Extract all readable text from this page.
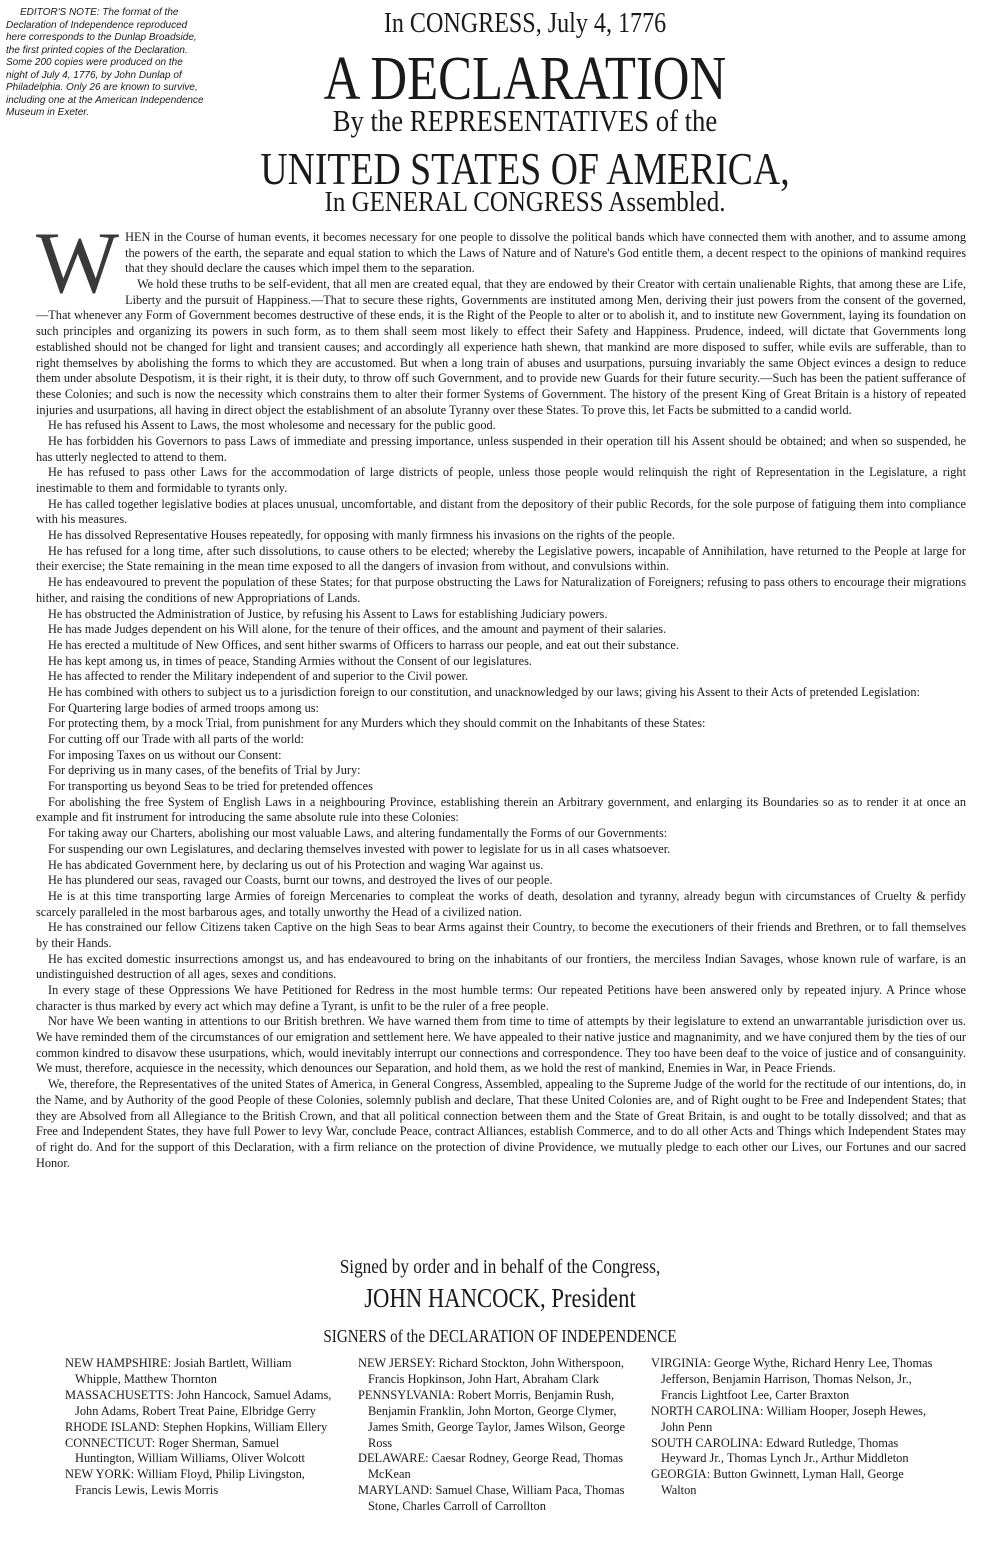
EDITOR'S NOTE: The format of the Declaration of Independence reproduced here corresponds to the Dunlap Broadside, the first printed copies of the Declaration. Some 200 copies were produced on the night of July 4, 1776, by John Dunlap of Philadelphia. Only 26 are known to survive, including one at the American Independence Museum in Exeter.

In CONGRESS, July 4, 1776
A DECLARATION
By the REPRESENTATIVES of the
UNITED STATES OF AMERICA,
In GENERAL CONGRESS Assembled.

WHEN in the Course of human events, it becomes necessary for one people to dissolve the political bands which have connected them with another, and to assume among the powers of the earth, the separate and equal station to which the Laws of Nature and of Nature's God entitle them, a decent respect to the opinions of mankind requires that they should declare the causes which impel them to the separation.

We hold these truths to be self-evident, that all men are created equal, that they are endowed by their Creator with certain unalienable Rights, that among these are Life, Liberty and the pursuit of Happiness.—That to secure these rights, Governments are instituted among Men, deriving their just powers from the consent of the governed, —That whenever any Form of Government becomes destructive of these ends, it is the Right of the People to alter or to abolish it, and to institute new Government, laying its foundation on such principles and organizing its powers in such form, as to them shall seem most likely to effect their Safety and Happiness. Prudence, indeed, will dictate that Governments long established should not be changed for light and transient causes; and accordingly all experience hath shewn, that mankind are more disposed to suffer, while evils are sufferable, than to right themselves by abolishing the forms to which they are accustomed. But when a long train of abuses and usurpations, pursuing invariably the same Object evinces a design to reduce them under absolute Despotism, it is their right, it is their duty, to throw off such Government, and to provide new Guards for their future security.—Such has been the patient sufferance of these Colonies; and such is now the necessity which constrains them to alter their former Systems of Government. The history of the present King of Great Britain is a history of repeated injuries and usurpations, all having in direct object the establishment of an absolute Tyranny over these States. To prove this, let Facts be submitted to a candid world.

He has refused his Assent to Laws, the most wholesome and necessary for the public good.

He has forbidden his Governors to pass Laws of immediate and pressing importance, unless suspended in their operation till his Assent should be obtained; and when so suspended, he has utterly neglected to attend to them.

He has refused to pass other Laws for the accommodation of large districts of people, unless those people would relinquish the right of Representation in the Legislature, a right inestimable to them and formidable to tyrants only.

He has called together legislative bodies at places unusual, uncomfortable, and distant from the depository of their public Records, for the sole purpose of fatiguing them into compliance with his measures.

He has dissolved Representative Houses repeatedly, for opposing with manly firmness his invasions on the rights of the people.

He has refused for a long time, after such dissolutions, to cause others to be elected; whereby the Legislative powers, incapable of Annihilation, have returned to the People at large for their exercise; the State remaining in the mean time exposed to all the dangers of invasion from without, and convulsions within.

He has endeavoured to prevent the population of these States; for that purpose obstructing the Laws for Naturalization of Foreigners; refusing to pass others to encourage their migrations hither, and raising the conditions of new Appropriations of Lands.

He has obstructed the Administration of Justice, by refusing his Assent to Laws for establishing Judiciary powers.

He has made Judges dependent on his Will alone, for the tenure of their offices, and the amount and payment of their salaries.

He has erected a multitude of New Offices, and sent hither swarms of Officers to harrass our people, and eat out their substance.

He has kept among us, in times of peace, Standing Armies without the Consent of our legislatures.

He has affected to render the Military independent of and superior to the Civil power.

He has combined with others to subject us to a jurisdiction foreign to our constitution, and unacknowledged by our laws; giving his Assent to their Acts of pretended Legislation:

For Quartering large bodies of armed troops among us:

For protecting them, by a mock Trial, from punishment for any Murders which they should commit on the Inhabitants of these States:

For cutting off our Trade with all parts of the world:

For imposing Taxes on us without our Consent:

For depriving us in many cases, of the benefits of Trial by Jury:

For transporting us beyond Seas to be tried for pretended offences

For abolishing the free System of English Laws in a neighbouring Province, establishing therein an Arbitrary government, and enlarging its Boundaries so as to render it at once an example and fit instrument for introducing the same absolute rule into these Colonies:

For taking away our Charters, abolishing our most valuable Laws, and altering fundamentally the Forms of our Governments:

For suspending our own Legislatures, and declaring themselves invested with power to legislate for us in all cases whatsoever.

He has abdicated Government here, by declaring us out of his Protection and waging War against us.

He has plundered our seas, ravaged our Coasts, burnt our towns, and destroyed the lives of our people.

He is at this time transporting large Armies of foreign Mercenaries to compleat the works of death, desolation and tyranny, already begun with circumstances of Cruelty & perfidy scarcely paralleled in the most barbarous ages, and totally unworthy the Head of a civilized nation.

He has constrained our fellow Citizens taken Captive on the high Seas to bear Arms against their Country, to become the executioners of their friends and Brethren, or to fall themselves by their Hands.

He has excited domestic insurrections amongst us, and has endeavoured to bring on the inhabitants of our frontiers, the merciless Indian Savages, whose known rule of warfare, is an undistinguished destruction of all ages, sexes and conditions.

In every stage of these Oppressions We have Petitioned for Redress in the most humble terms: Our repeated Petitions have been answered only by repeated injury. A Prince whose character is thus marked by every act which may define a Tyrant, is unfit to be the ruler of a free people.

Nor have We been wanting in attentions to our British brethren. We have warned them from time to time of attempts by their legislature to extend an unwarrantable jurisdiction over us. We have reminded them of the circumstances of our emigration and settlement here. We have appealed to their native justice and magnanimity, and we have conjured them by the ties of our common kindred to disavow these usurpations, which, would inevitably interrupt our connections and correspondence. They too have been deaf to the voice of justice and of consanguinity. We must, therefore, acquiesce in the necessity, which denounces our Separation, and hold them, as we hold the rest of mankind, Enemies in War, in Peace Friends.

We, therefore, the Representatives of the united States of America, in General Congress, Assembled, appealing to the Supreme Judge of the world for the rectitude of our intentions, do, in the Name, and by Authority of the good People of these Colonies, solemnly publish and declare, That these United Colonies are, and of Right ought to be Free and Independent States; that they are Absolved from all Allegiance to the British Crown, and that all political connection between them and the State of Great Britain, is and ought to be totally dissolved; and that as Free and Independent States, they have full Power to levy War, conclude Peace, contract Alliances, establish Commerce, and to do all other Acts and Things which Independent States may of right do. And for the support of this Declaration, with a firm reliance on the protection of divine Providence, we mutually pledge to each other our Lives, our Fortunes and our sacred Honor.

Signed by order and in behalf of the Congress,
JOHN HANCOCK, President
SIGNERS of the DECLARATION OF INDEPENDENCE

NEW HAMPSHIRE: Josiah Bartlett, William Whipple, Matthew Thornton

MASSACHUSETTS: John Hancock, Samuel Adams, John Adams, Robert Treat Paine, Elbridge Gerry

RHODE ISLAND: Stephen Hopkins, William Ellery

CONNECTICUT: Roger Sherman, Samuel Huntington, William Williams, Oliver Wolcott

NEW YORK: William Floyd, Philip Livingston, Francis Lewis, Lewis Morris

NEW JERSEY: Richard Stockton, John Witherspoon, Francis Hopkinson, John Hart, Abraham Clark

PENNSYLVANIA: Robert Morris, Benjamin Rush, Benjamin Franklin, John Morton, George Clymer, James Smith, George Taylor, James Wilson, George Ross

DELAWARE: Caesar Rodney, George Read, Thomas McKean

MARYLAND: Samuel Chase, William Paca, Thomas Stone, Charles Carroll of Carrollton

VIRGINIA: George Wythe, Richard Henry Lee, Thomas Jefferson, Benjamin Harrison, Thomas Nelson, Jr., Francis Lightfoot Lee, Carter Braxton

NORTH CAROLINA: William Hooper, Joseph Hewes, John Penn

SOUTH CAROLINA: Edward Rutledge, Thomas Heyward Jr., Thomas Lynch Jr., Arthur Middleton

GEORGIA: Button Gwinnett, Lyman Hall, George Walton
